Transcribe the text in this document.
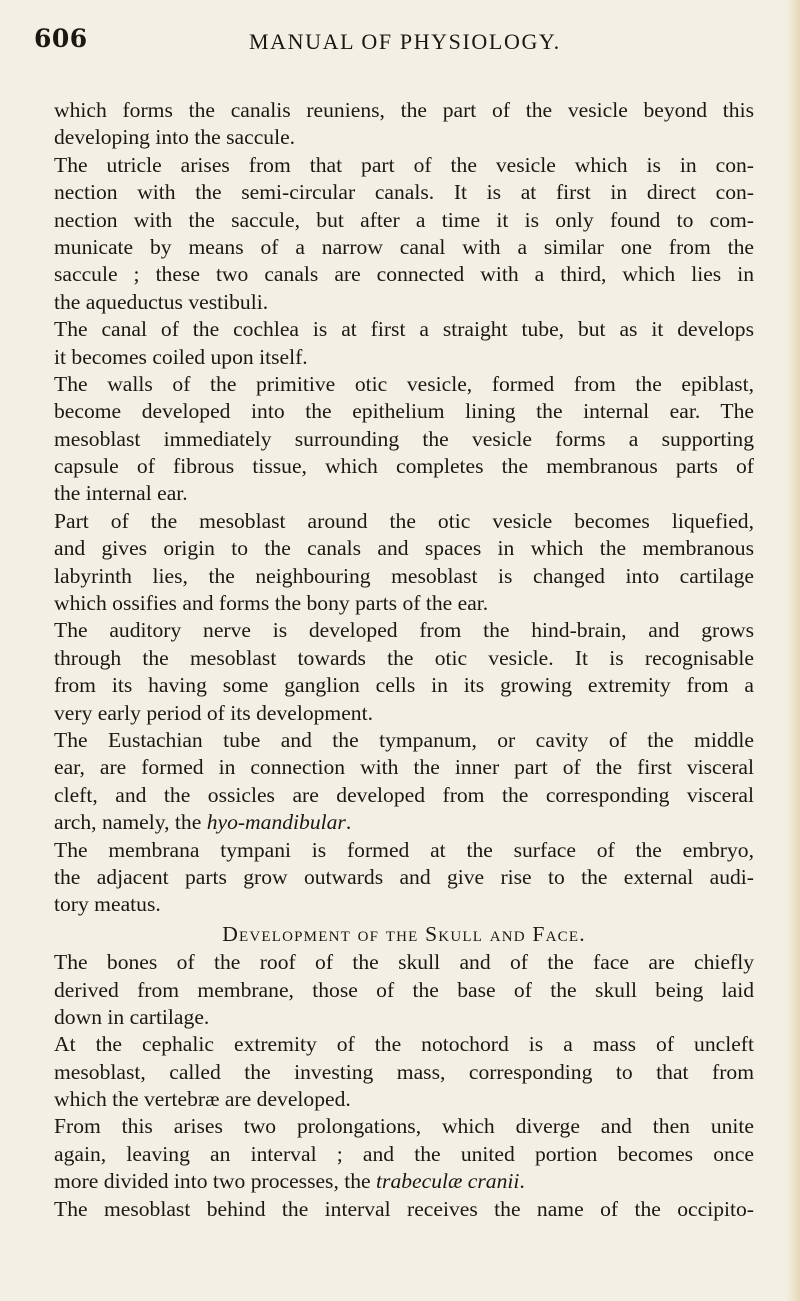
606	MANUAL OF PHYSIOLOGY.
which forms the canalis reuniens, the part of the vesicle beyond this
developing into the saccule.
The utricle arises from that part of the vesicle which is in con-
nection with the semi-circular canals. It is at first in direct con-
nection with the saccule, but after a time it is only found to com-
municate by means of a narrow canal with a similar one from the
saccule ; these two canals are connected with a third, which lies in
the aqueductus vestibuli.
The canal of the cochlea is at first a straight tube, but as it develops
it becomes coiled upon itself.
The walls of the primitive otic vesicle, formed from the epiblast,
become developed into the epithelium lining the internal ear. The
mesoblast immediately surrounding the vesicle forms a supporting
capsule of fibrous tissue, which completes the membranous parts of
the internal ear.
Part of the mesoblast around the otic vesicle becomes liquefied,
and gives origin to the canals and spaces in which the membranous
labyrinth lies, the neighbouring mesoblast is changed into cartilage
which ossifies and forms the bony parts of the ear.
The auditory nerve is developed from the hind-brain, and grows
through the mesoblast towards the otic vesicle. It is recognisable
from its having some ganglion cells in its growing extremity from a
very early period of its development.
The Eustachian tube and the tympanum, or cavity of the middle
ear, are formed in connection with the inner part of the first visceral
cleft, and the ossicles are developed from the corresponding visceral
arch, namely, the hyo-mandibular.
The membrana tympani is formed at the surface of the embryo,
the adjacent parts grow outwards and give rise to the external audi-
tory meatus.
Development of the Skull and Face.
The bones of the roof of the skull and of the face are chiefly
derived from membrane, those of the base of the skull being laid
down in cartilage.
At the cephalic extremity of the notochord is a mass of uncleft
mesoblast, called the investing mass, corresponding to that from
which the vertebræ are developed.
From this arises two prolongations, which diverge and then unite
again, leaving an interval ; and the united portion becomes once
more divided into two processes, the trabeculæ cranii.
The mesoblast behind the interval receives the name of the occipito-
